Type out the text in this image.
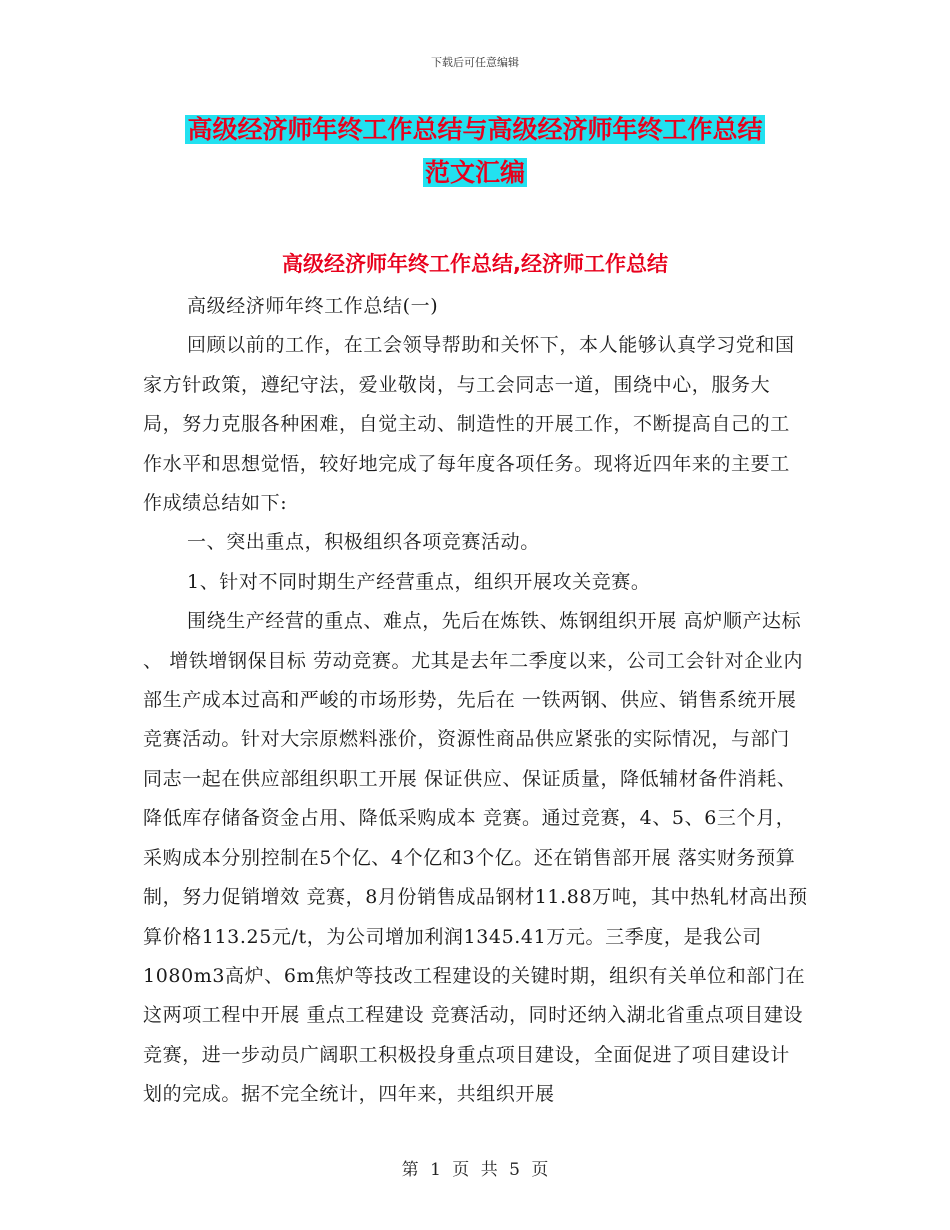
下载后可任意编辑
高级经济师年终工作总结与高级经济师年终工作总结
范文汇编
高级经济师年终工作总结,经济师工作总结

高级经济师年终工作总结(一)

回顾以前的工作，在工会领导帮助和关怀下，本人能够认真学习党和国家方针政策，遵纪守法，爱业敬岗，与工会同志一道，围绕中心，服务大局，努力克服各种困难，自觉主动、制造性的开展工作，不断提高自己的工作水平和思想觉悟，较好地完成了每年度各项任务。现将近四年来的主要工作成绩总结如下:

一、突出重点，积极组织各项竞赛活动。

1、针对不同时期生产经营重点，组织开展攻关竞赛。

围绕生产经营的重点、难点，先后在炼铁、炼钢组织开展 高炉顺产达标 、 增铁增钢保目标 劳动竞赛。尤其是去年二季度以来，公司工会针对企业内部生产成本过高和严峻的市场形势，先后在 一铁两钢、供应、销售系统开展竞赛活动。针对大宗原燃料涨价，资源性商品供应紧张的实际情况，与部门同志一起在供应部组织职工开展 保证供应、保证质量，降低辅材备件消耗、降低库存储备资金占用、降低采购成本 竞赛。通过竞赛，4、5、6三个月，采购成本分别控制在5个亿、4个亿和3个亿。还在销售部开展 落实财务预算制，努力促销增效 竞赛，8月份销售成品钢材11.88万吨，其中热轧材高出预算价格113.25元/t，为公司增加利润1345.41万元。三季度，是我公司1080m3高炉、6m焦炉等技改工程建设的关键时期，组织有关单位和部门在这两项工程中开展 重点工程建设 竞赛活动，同时还纳入湖北省重点项目建设 竞赛，进一步动员广阔职工积极投身重点项目建设，全面促进了项目建设计划的完成。据不完全统计，四年来，共组织开展

第 1 页 共 5 页
